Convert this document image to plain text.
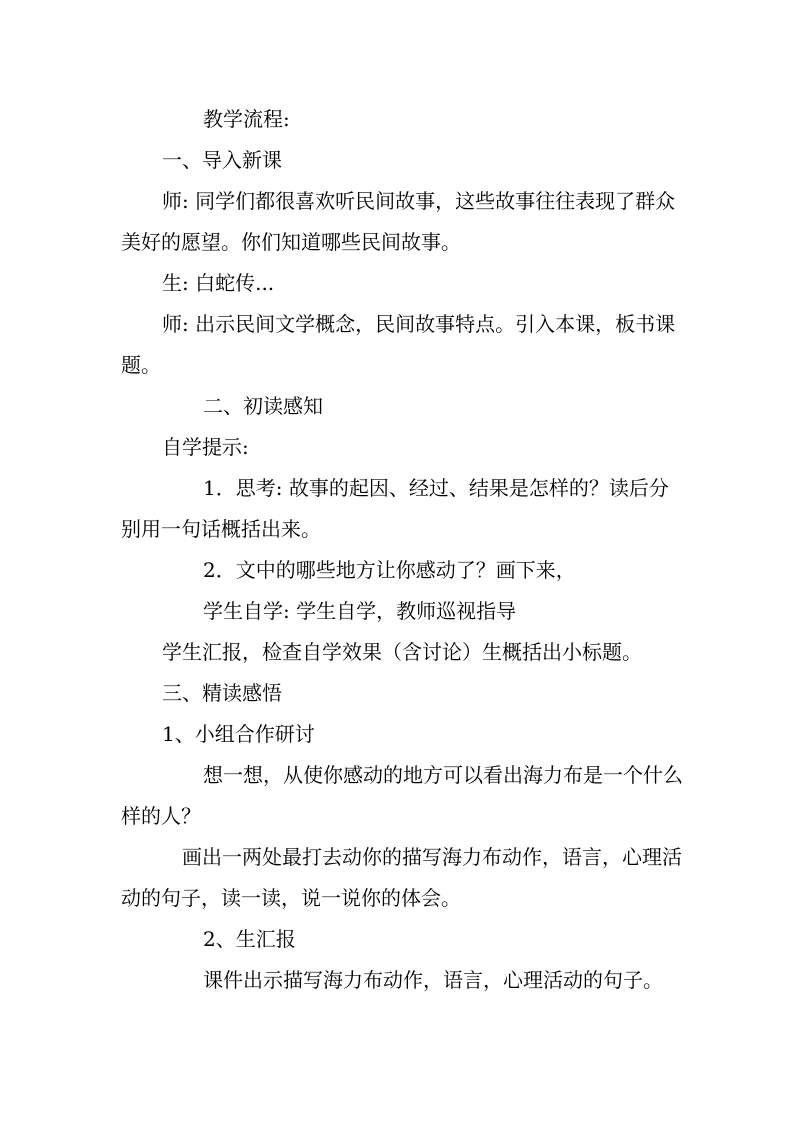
教学流程:
一、导入新课
师: 同学们都很喜欢听民间故事，这些故事往往表现了群众
美好的愿望。你们知道哪些民间故事。
生: 白蛇传...
师: 出示民间文学概念，民间故事特点。引入本课，板书课
题。
二、初读感知
自学提示:
1．思考: 故事的起因、经过、结果是怎样的？读后分
别用一句话概括出来。
2．文中的哪些地方让你感动了？画下来，
学生自学: 学生自学，教师巡视指导
学生汇报，检查自学效果（含讨论）生概括出小标题。
三、精读感悟
1、小组合作研讨
想一想，从使你感动的地方可以看出海力布是一个什么
样的人？
画出一两处最打去动你的描写海力布动作，语言，心理活
动的句子，读一读，说一说你的体会。
2、生汇报
课件出示描写海力布动作，语言，心理活动的句子。
